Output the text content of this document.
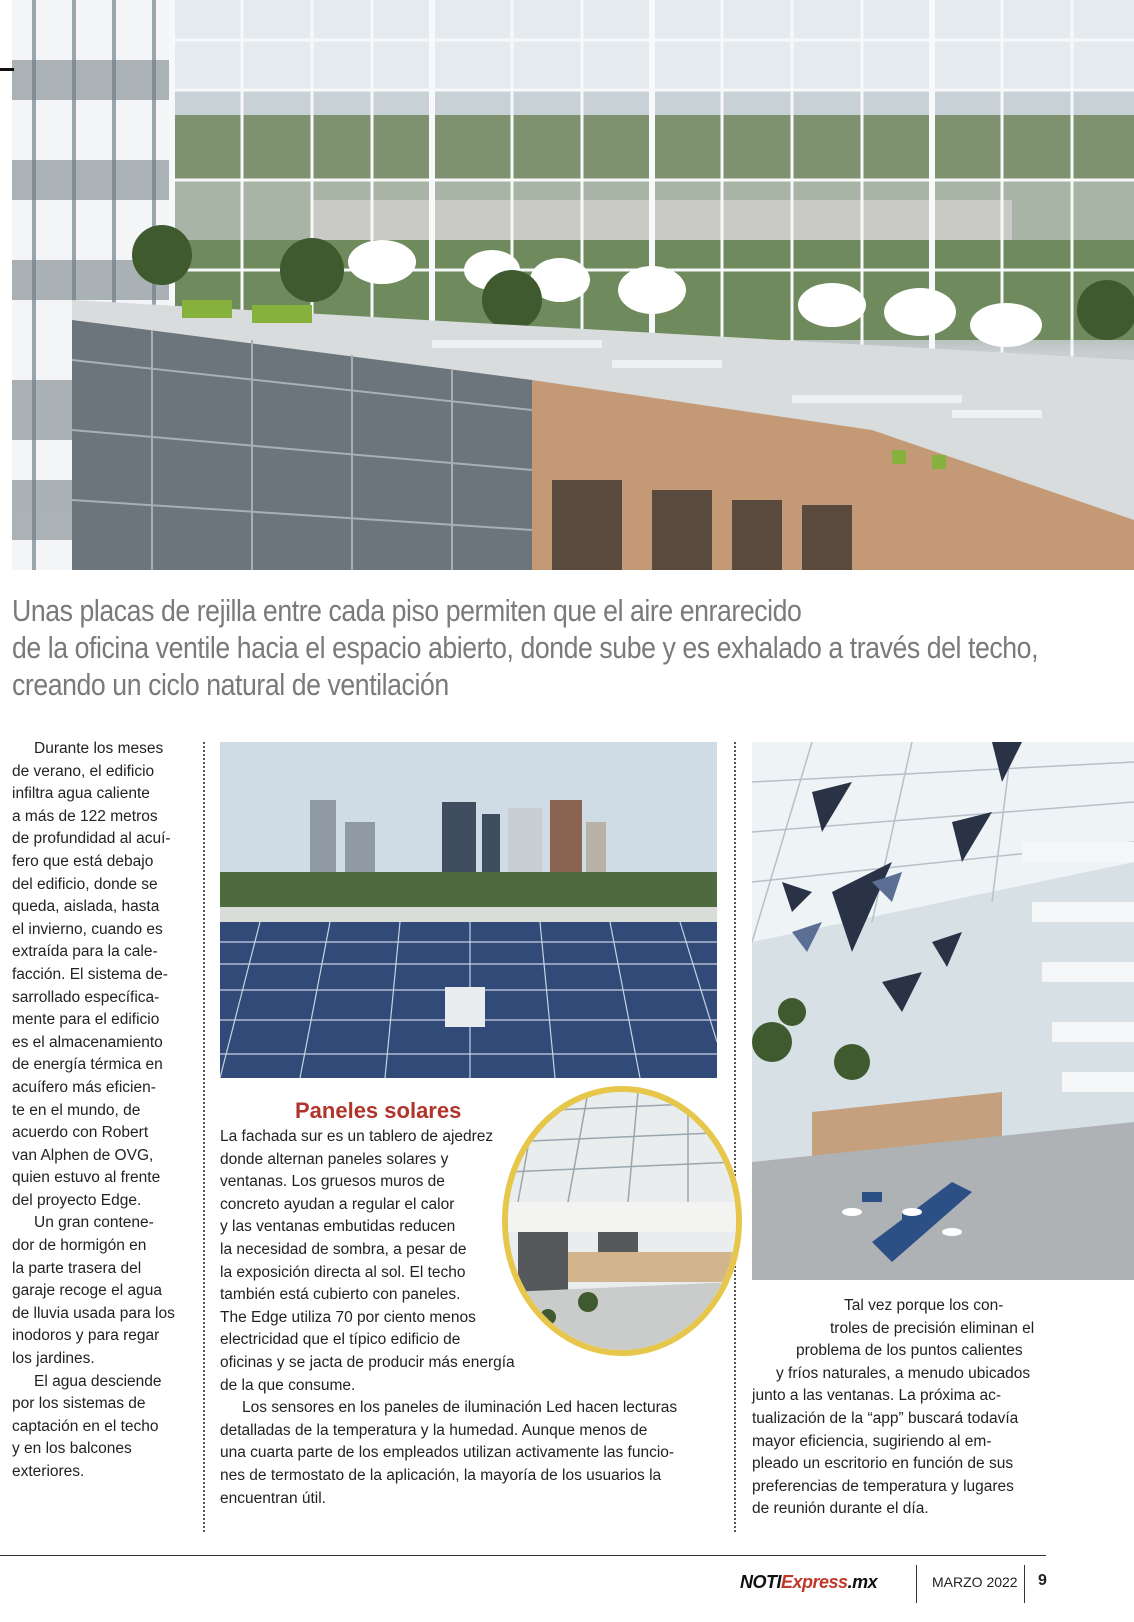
Unas placas de rejilla entre cada piso permiten que el aire enrarecido
de la oficina ventile hacia el espacio abierto, donde sube y es exhalado a través del techo,
creando un ciclo natural de ventilación
Durante los meses
de verano, el edificio
infiltra agua caliente
a más de 122 metros
de profundidad al acuí-
fero que está debajo
del edificio, donde se
queda, aislada, hasta
el invierno, cuando es
extraída para la cale-
facción. El sistema de-
sarrollado específica-
mente para el edificio
es el almacenamiento
de energía térmica en
acuífero más eficien-
te en el mundo, de
acuerdo con Robert
van Alphen de OVG,
quien estuvo al frente
del proyecto Edge.
Un gran contene-
dor de hormigón en
la parte trasera del
garaje recoge el agua
de lluvia usada para los
inodoros y para regar
los jardines.
El agua desciende
por los sistemas de
captación en el techo
y en los balcones
exteriores.
Paneles solares
La fachada sur es un tablero de ajedrez
donde alternan paneles solares y
ventanas. Los gruesos muros de
concreto ayudan a regular el calor
y las ventanas embutidas reducen
la necesidad de sombra, a pesar de
la exposición directa al sol. El techo
también está cubierto con paneles.
The Edge utiliza 70 por ciento menos
electricidad que el típico edificio de
oficinas y se jacta de producir más energía
de la que consume.
Los sensores en los paneles de iluminación Led hacen lecturas
detalladas de la temperatura y la humedad. Aunque menos de
una cuarta parte de los empleados utilizan activamente las funcio-
nes de termostato de la aplicación, la mayoría de los usuarios la
encuentran útil.
Tal vez porque los con-
troles de precisión eliminan el
problema de los puntos calientes
y fríos naturales, a menudo ubicados
junto a las ventanas. La próxima ac-
tualización de la “app” buscará todavía
mayor eficiencia, sugiriendo al em-
pleado un escritorio en función de sus
preferencias de temperatura y lugares
de reunión durante el día.
NOTIExpress.mx	MARZO 2022 9
